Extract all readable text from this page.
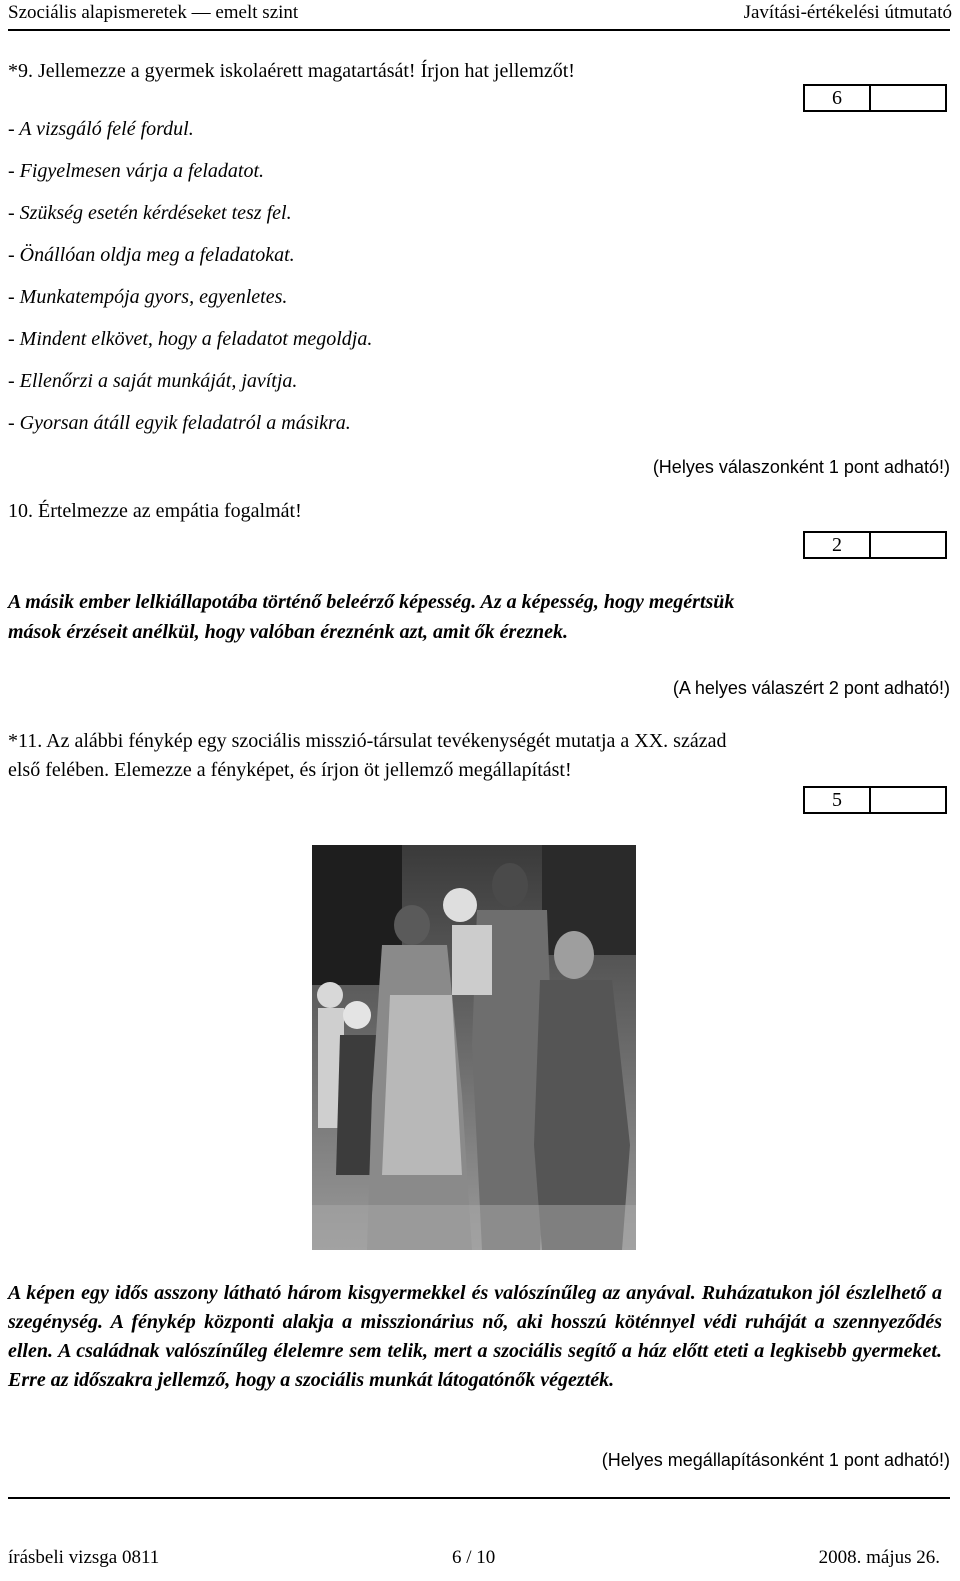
Szociális alapismeretek — emelt szint	Javítási-értékelési útmutató
*9. Jellemezze a gyermek iskolaérett magatartását! Írjon hat jellemzőt!
6
- A vizsgáló felé fordul.
- Figyelmesen várja a feladatot.
- Szükség esetén kérdéseket tesz fel.
- Önállóan oldja meg a feladatokat.
- Munkatempója gyors, egyenletes.
- Mindent elkövet, hogy a feladatot megoldja.
- Ellenőrzi a saját munkáját, javítja.
- Gyorsan átáll egyik feladatról a másikra.
(Helyes válaszonként 1 pont adható!)
10. Értelmezze az empátia fogalmát!
2
A másik ember lelkiállapotába történő beleérző képesség. Az a képesség, hogy megértsük
mások érzéseit anélkül, hogy valóban éreznénk azt, amit ők éreznek.
(A helyes válaszért 2 pont adható!)
*11. Az alábbi fénykép egy szociális misszió-társulat tevékenységét mutatja a XX. század
első felében. Elemezze a fényképet, és írjon öt jellemző megállapítást!
5
A képen egy idős asszony látható három kisgyermekkel és valószínűleg az anyával. Ruházatukon jól észlelhető a szegénység. A fénykép központi alakja a misszionárius nő, aki hosszú köténnyel védi ruháját a szennyeződés ellen. A családnak valószínűleg élelemre sem telik, mert a szociális segítő a ház előtt eteti a legkisebb gyermeket. Erre az időszakra jellemző, hogy a szociális munkát látogatónők végezték.
(Helyes megállapításonként 1 pont adható!)
írásbeli vizsga 0811	6 / 10	2008. május 26.
